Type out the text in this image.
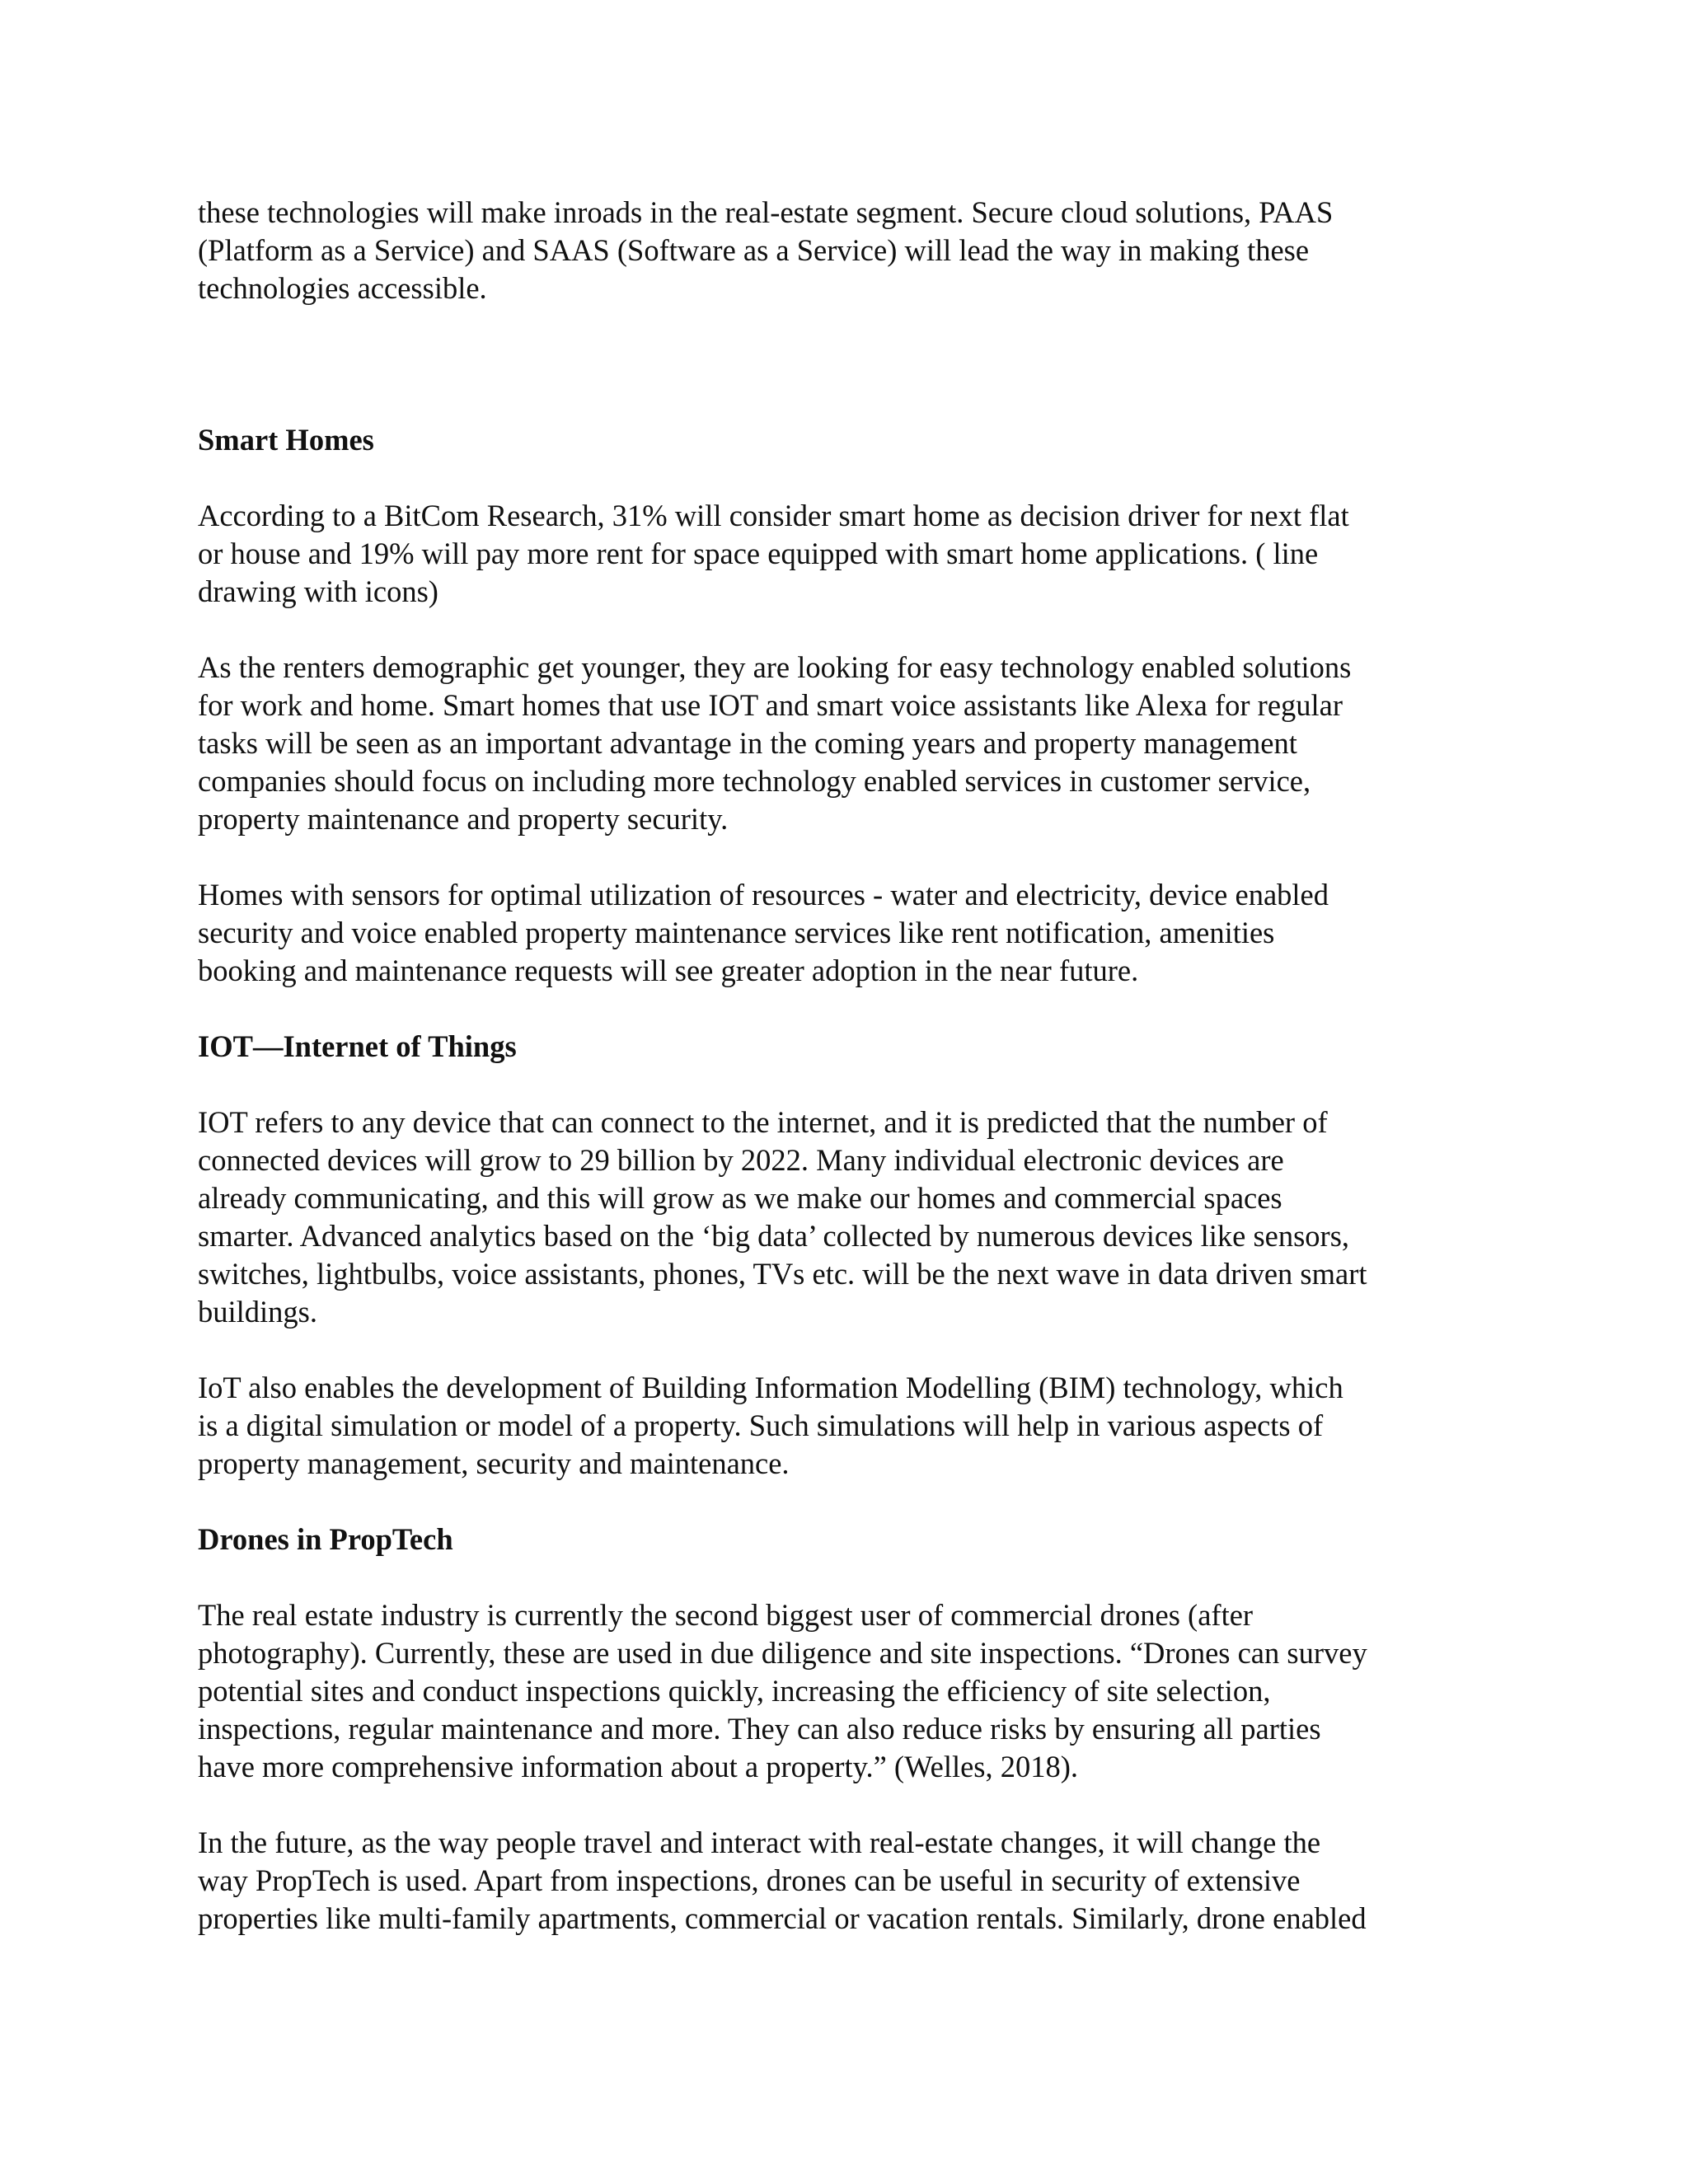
these technologies will make inroads in the real-estate segment. Secure cloud solutions, PAAS
(Platform as a Service) and SAAS (Software as a Service) will lead the way in making these
technologies accessible.
Smart Homes
According to a BitCom Research, 31% will consider smart home as decision driver for next flat
or house and 19% will pay more rent for space equipped with smart home applications. ( line
drawing with icons)
As the renters demographic get younger, they are looking for easy technology enabled solutions
for work and home. Smart homes that use IOT and smart voice assistants like Alexa for regular
tasks will be seen as an important advantage in the coming years and property management
companies should focus on including more technology enabled services in customer service,
property maintenance and property security.
Homes with sensors for optimal utilization of resources - water and electricity, device enabled
security and voice enabled property maintenance services like rent notification, amenities
booking and maintenance requests will see greater adoption in the near future.
IOT—Internet of Things
IOT refers to any device that can connect to the internet, and it is predicted that the number of
connected devices will grow to 29 billion by 2022. Many individual electronic devices are
already communicating, and this will grow as we make our homes and commercial spaces
smarter. Advanced analytics based on the ‘big data’ collected by numerous devices like sensors,
switches, lightbulbs, voice assistants, phones, TVs etc. will be the next wave in data driven smart
buildings.
IoT also enables the development of Building Information Modelling (BIM) technology, which
is a digital simulation or model of a property. Such simulations will help in various aspects of
property management, security and maintenance.
Drones in PropTech
The real estate industry is currently the second biggest user of commercial drones (after
photography). Currently, these are used in due diligence and site inspections. “Drones can survey
potential sites and conduct inspections quickly, increasing the efficiency of site selection,
inspections, regular maintenance and more. They can also reduce risks by ensuring all parties
have more comprehensive information about a property.” (Welles, 2018).
In the future, as the way people travel and interact with real-estate changes, it will change the
way PropTech is used. Apart from inspections, drones can be useful in security of extensive
properties like multi-family apartments, commercial or vacation rentals. Similarly, drone enabled
